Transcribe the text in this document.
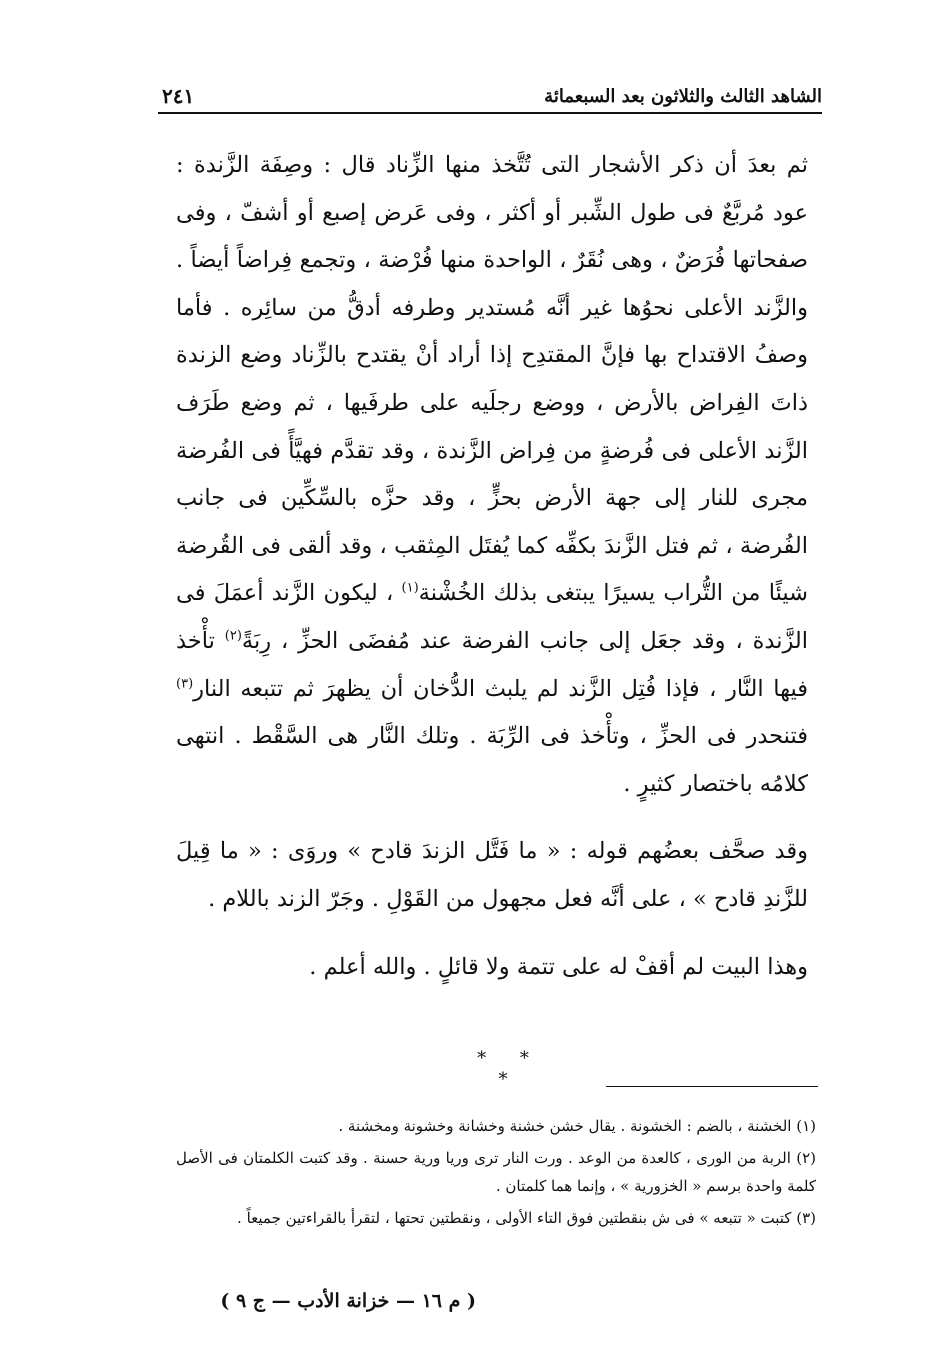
الشاهد الثالث والثلاثون بعد السبعمائة
٢٤١

ثم بعدَ أن ذكر الأشجار التى تُتَّخذ منها الزِّناد قال : وصِفَة الزَّندة : عود مُربَّعٌ فى طول الشِّبر أو أكثر ، وفى عَرض إصبع أو أشفّ ، وفى صفحاتها فُرَضٌ ، وهى نُقَرٌ ، الواحدة منها فُرْضة ، وتجمع فِراضاً أيضاً . والزَّند الأعلى نحوُها غير أنَّه مُستدير وطرفه أدقُّ من سائِره . فأما وصفُ الاقتداح بها فإنَّ المقتدِح إذا أراد أنْ يقتدح بالزِّناد وضع الزندة ذاتَ الفِراض بالأرض ، ووضع رجلَيه على طرفَيها ، ثم وضع طَرَف الزَّند الأعلى فى فُرضةٍ من فِراض الزَّندة ، وقد تقدَّم فهيَّأً فى الفُرضة مجرى للنار إلى جهة الأرض بحزٍّ ، وقد حزَّه بالسِّكِّين فى جانب الفُرضة ، ثم فتل الزَّندَ بكفِّه كما يُفتَل المِثقب ، وقد ألقى فى القُرضة شيئًا من التُّراب يسيرًا يبتغى بذلك الخُشْنة$^{(١)}$ ، ليكون الزَّند أعمَلَ فى الزَّندة ، وقد جعَل إلى جانب الفرضة عند مُفضَى الحزِّ ، رِبَةً$^{(٢)}$ تأْخذ فيها النَّار ، فإذا فُتِل الزَّند لم يلبث الدُّخان أن يظهرَ ثم تتبعه النار$^{(٣)}$ فتنحدر فى الحزِّ ، وتأْخذ فى الرِّبَة . وتلك النَّار هى السَّقْط . انتهى كلامُه باختصار كثيرٍ .

وقد صحَّف بعضُهم قوله : « ما فَتَّل الزندَ قادح » وروَى : « ما قِيلَ للزَّندِ قادح » ، على أنَّه فعل مجهول من القَوْلِ . وجَرّ الزند باللام .

وهذا البيت لم أقفْ له على تتمة ولا قائلٍ . والله أعلم .

* * *

(١) الخشنة ، بالضم : الخشونة . يقال خشن خشنة وخشانة وخشونة ومخشنة .

(٢) الربة من الورى ، كالعدة من الوعد . ورت النار ترى وريا ورية حسنة . وقد كتبت الكلمتان فى الأصل كلمة واحدة برسم « الخزورية » ، وإنما هما كلمتان .

(٣) كتبت « تتبعه » فى ش بنقطتين فوق التاء الأولى ، ونقطتين تحتها ، لتقرأ بالقراءتين جميعاً .

( م ١٦ — خزانة الأدب — ج ٩ )
